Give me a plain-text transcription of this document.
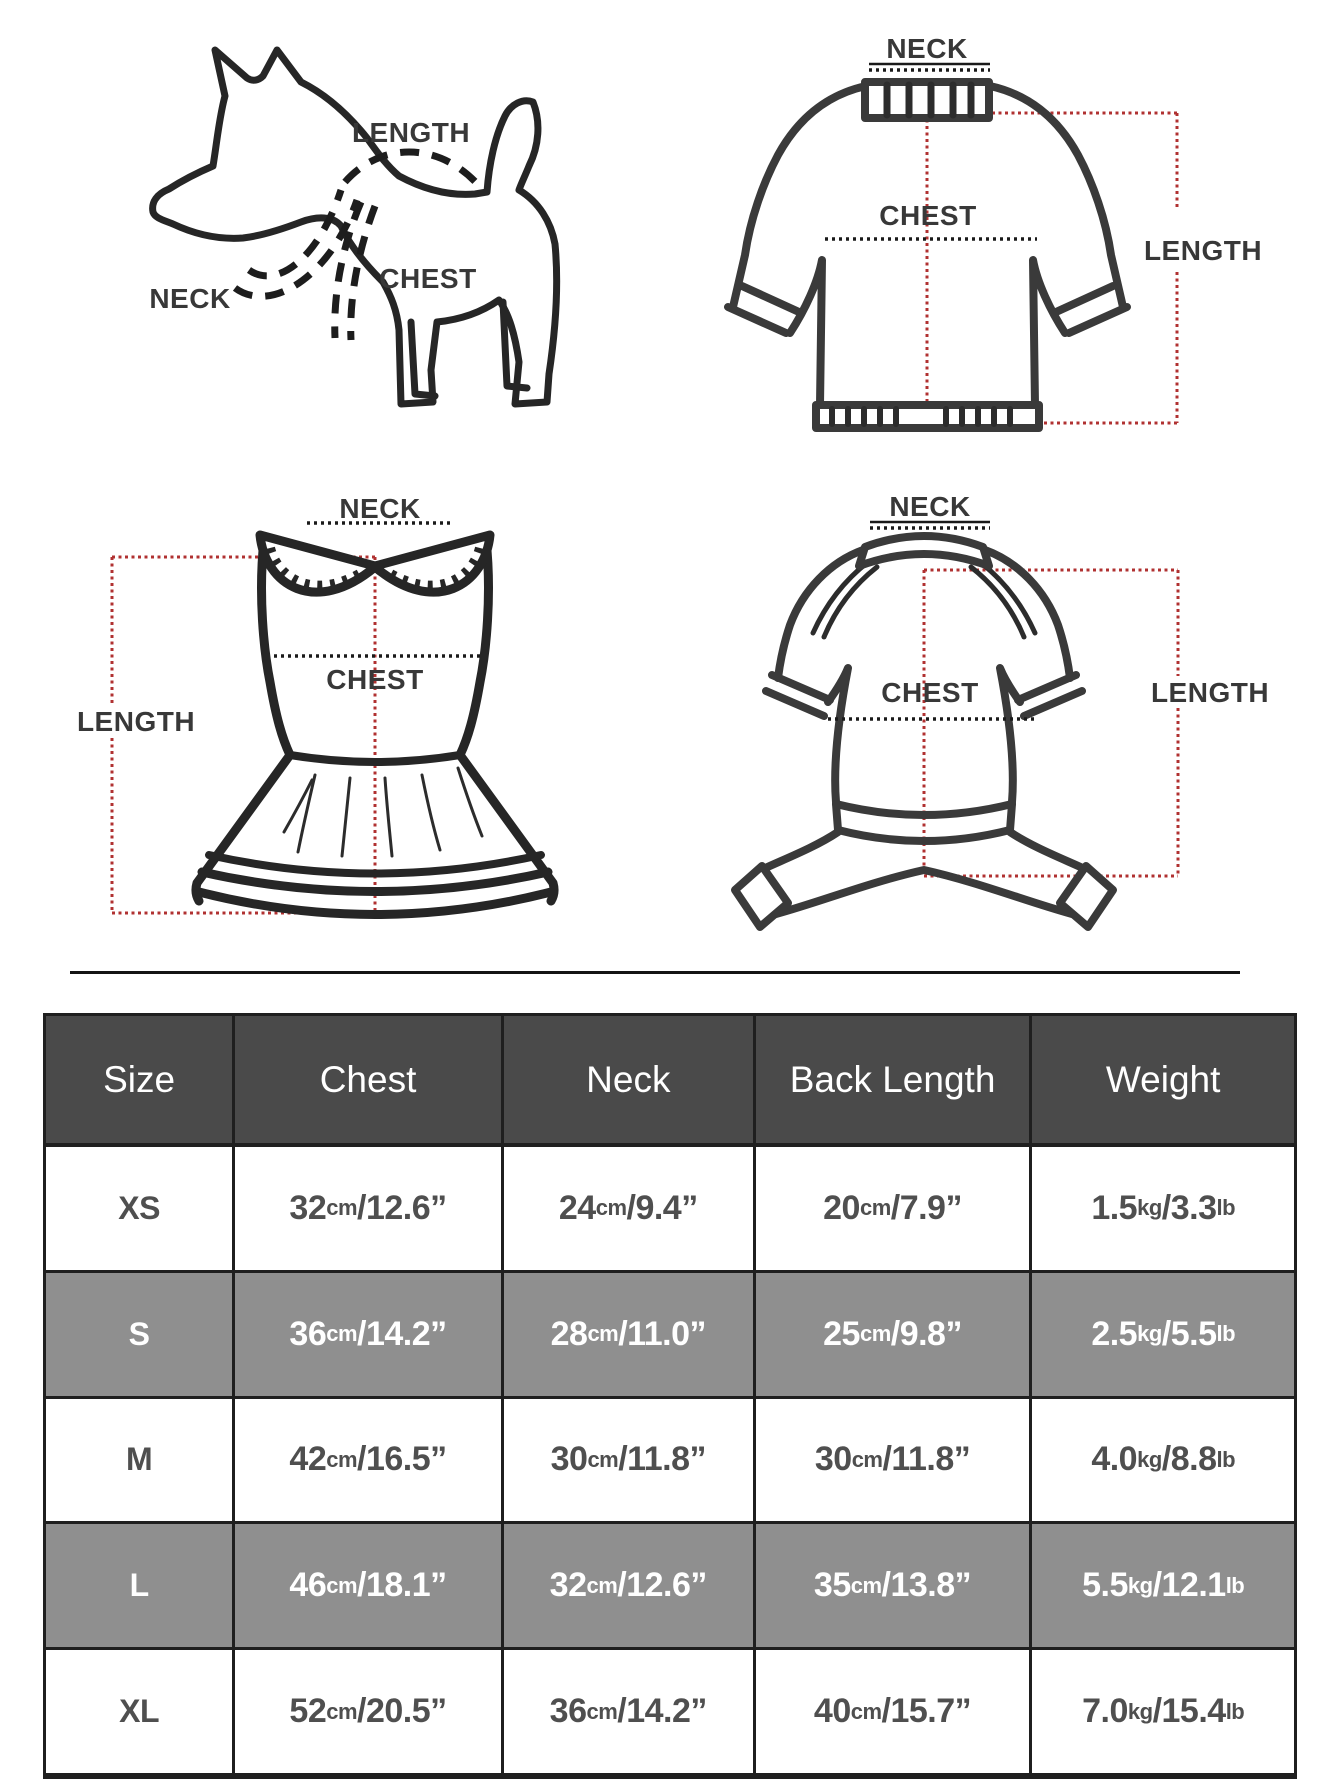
LENGTH
NECK
CHEST
NECK
CHEST
LENGTH
NECK
CHEST
LENGTH
NECK
CHEST	LENGTH
Size	Chest	Neck	Back Length	Weight
XS	32 cm /12.6”	24 cm /9.4”	20 cm /7.9”	1.5 kg /3.3 lb
S	36 cm /14.2”	28 cm /11.0”	25 cm /9.8”	2.5 kg /5.5 lb
M	42 cm /16.5”	30 cm /11.8”	30 cm /11.8”	4.0 kg /8.8 lb
L	46 cm /18.1”	32 cm /12.6”	35 cm /13.8”	5.5 kg /12.1 lb
XL	52 cm /20.5”	36 cm /14.2”	40 cm /15.7”	7.0 kg /15.4 lb
